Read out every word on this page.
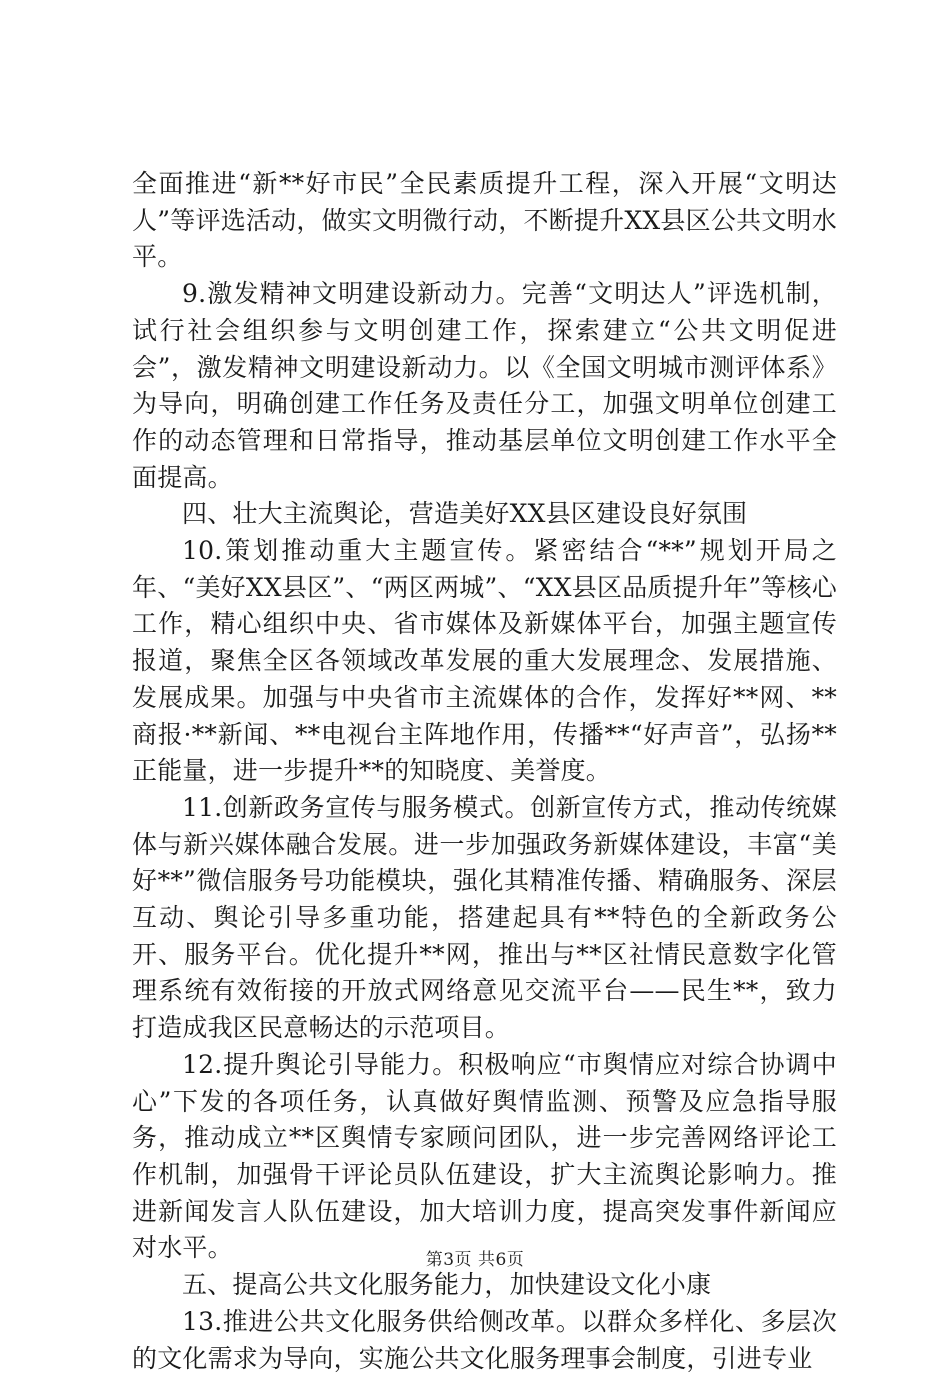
全面推进“新**好市民”全民素质提升工程，深入开展“文明达人”等评选活动，做实文明微行动，不断提升XX县区公共文明水平。

9.激发精神文明建设新动力。完善“文明达人”评选机制，试行社会组织参与文明创建工作，探索建立“公共文明促进会”，激发精神文明建设新动力。以《全国文明城市测评体系》为导向，明确创建工作任务及责任分工，加强文明单位创建工作的动态管理和日常指导，推动基层单位文明创建工作水平全面提高。

四、壮大主流舆论，营造美好XX县区建设良好氛围

10.策划推动重大主题宣传。紧密结合“**”规划开局之年、“美好XX县区”、“两区两城”、“XX县区品质提升年”等核心工作，精心组织中央、省市媒体及新媒体平台，加强主题宣传报道，聚焦全区各领域改革发展的重大发展理念、发展措施、发展成果。加强与中央省市主流媒体的合作，发挥好**网、**商报·**新闻、**电视台主阵地作用，传播**“好声音”，弘扬**正能量，进一步提升**的知晓度、美誉度。

11.创新政务宣传与服务模式。创新宣传方式，推动传统媒体与新兴媒体融合发展。进一步加强政务新媒体建设，丰富“美好**”微信服务号功能模块，强化其精准传播、精确服务、深层互动、舆论引导多重功能，搭建起具有**特色的全新政务公开、服务平台。优化提升**网，推出与**区社情民意数字化管理系统有效衔接的开放式网络意见交流平台——民生**，致力打造成我区民意畅达的示范项目。

12.提升舆论引导能力。积极响应“市舆情应对综合协调中心”下发的各项任务，认真做好舆情监测、预警及应急指导服务，推动成立**区舆情专家顾问团队，进一步完善网络评论工作机制，加强骨干评论员队伍建设，扩大主流舆论影响力。推进新闻发言人队伍建设，加大培训力度，提高突发事件新闻应对水平。

五、提高公共文化服务能力，加快建设文化小康

13.推进公共文化服务供给侧改革。以群众多样化、多层次的文化需求为导向，实施公共文化服务理事会制度，引进专业

第3页 共6页
